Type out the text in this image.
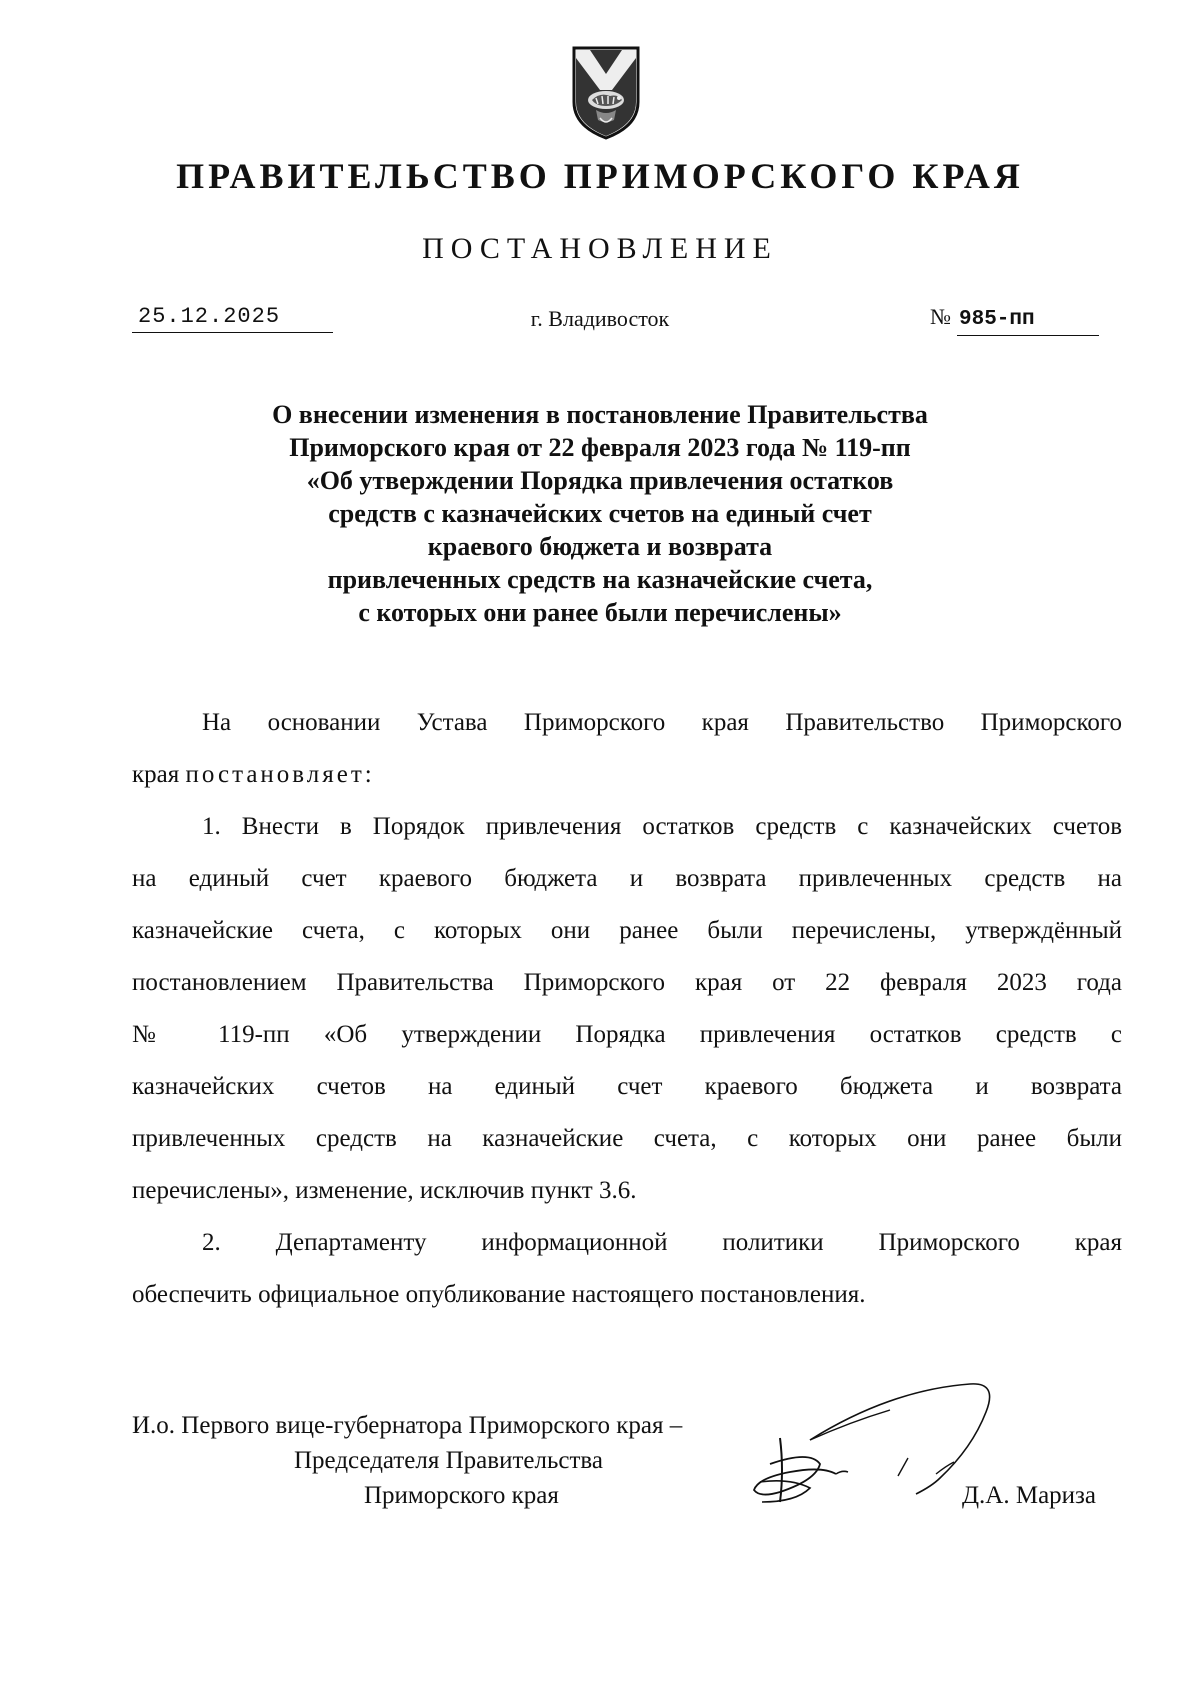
ПРАВИТЕЛЬСТВО ПРИМОРСКОГО КРАЯ
ПОСТАНОВЛЕНИЕ
25.12.2025	г. Владивосток	№ 985-пп
О внесении изменения в постановление Правительства
Приморского края от 22 февраля 2023 года № 119-пп
«Об утверждении Порядка привлечения остатков
средств с казначейских счетов на единый счет
краевого бюджета и возврата
привлеченных средств на казначейские счета,
с которых они ранее были перечислены»
На основании Устава Приморского края Правительство Приморского
края постановляет:
1. Внести в Порядок привлечения остатков средств с казначейских счетов
на единый счет краевого бюджета и возврата привлеченных средств на
казначейские счета, с которых они ранее были перечислены, утверждённый
постановлением Правительства Приморского края от 22 февраля 2023 года
№ 119-пп «Об утверждении Порядка привлечения остатков средств с
казначейских счетов на единый счет краевого бюджета и возврата
привлеченных средств на казначейские счета, с которых они ранее были
перечислены», изменение, исключив пункт 3.6.
2. Департаменту информационной политики Приморского края
обеспечить официальное опубликование настоящего постановления.
И.о. Первого вице-губернатора Приморского края –
Председателя Правительства
Приморского края	Д.А. Мариза
